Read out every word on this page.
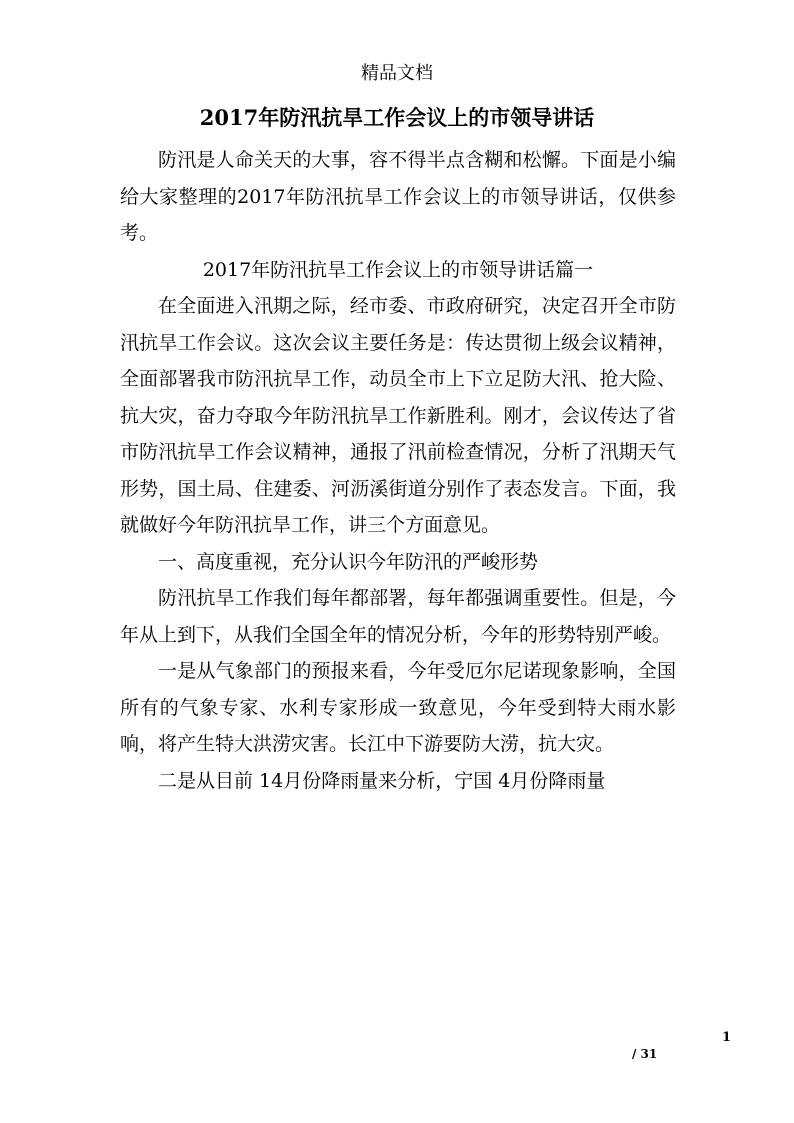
精品文档
2017年防汛抗旱工作会议上的市领导讲话

防汛是人命关天的大事，容不得半点含糊和松懈。下面是小编给大家整理的2017年防汛抗旱工作会议上的市领导讲话，仅供参考。

2017年防汛抗旱工作会议上的市领导讲话篇一

在全面进入汛期之际，经市委、市政府研究，决定召开全市防汛抗旱工作会议。这次会议主要任务是：传达贯彻上级会议精神，全面部署我市防汛抗旱工作，动员全市上下立足防大汛、抢大险、抗大灾，奋力夺取今年防汛抗旱工作新胜利。刚才，会议传达了省市防汛抗旱工作会议精神，通报了汛前检查情况，分析了汛期天气形势，国土局、住建委、河沥溪街道分别作了表态发言。下面，我就做好今年防汛抗旱工作，讲三个方面意见。

一、高度重视，充分认识今年防汛的严峻形势

防汛抗旱工作我们每年都部署，每年都强调重要性。但是，今年从上到下，从我们全国全年的情况分析，今年的形势特别严峻。

一是从气象部门的预报来看，今年受厄尔尼诺现象影响，全国所有的气象专家、水利专家形成一致意见，今年受到特大雨水影响，将产生特大洪涝灾害。长江中下游要防大涝，抗大灾。

二是从目前 14月份降雨量来分析，宁国 4月份降雨量

1
/ 31
